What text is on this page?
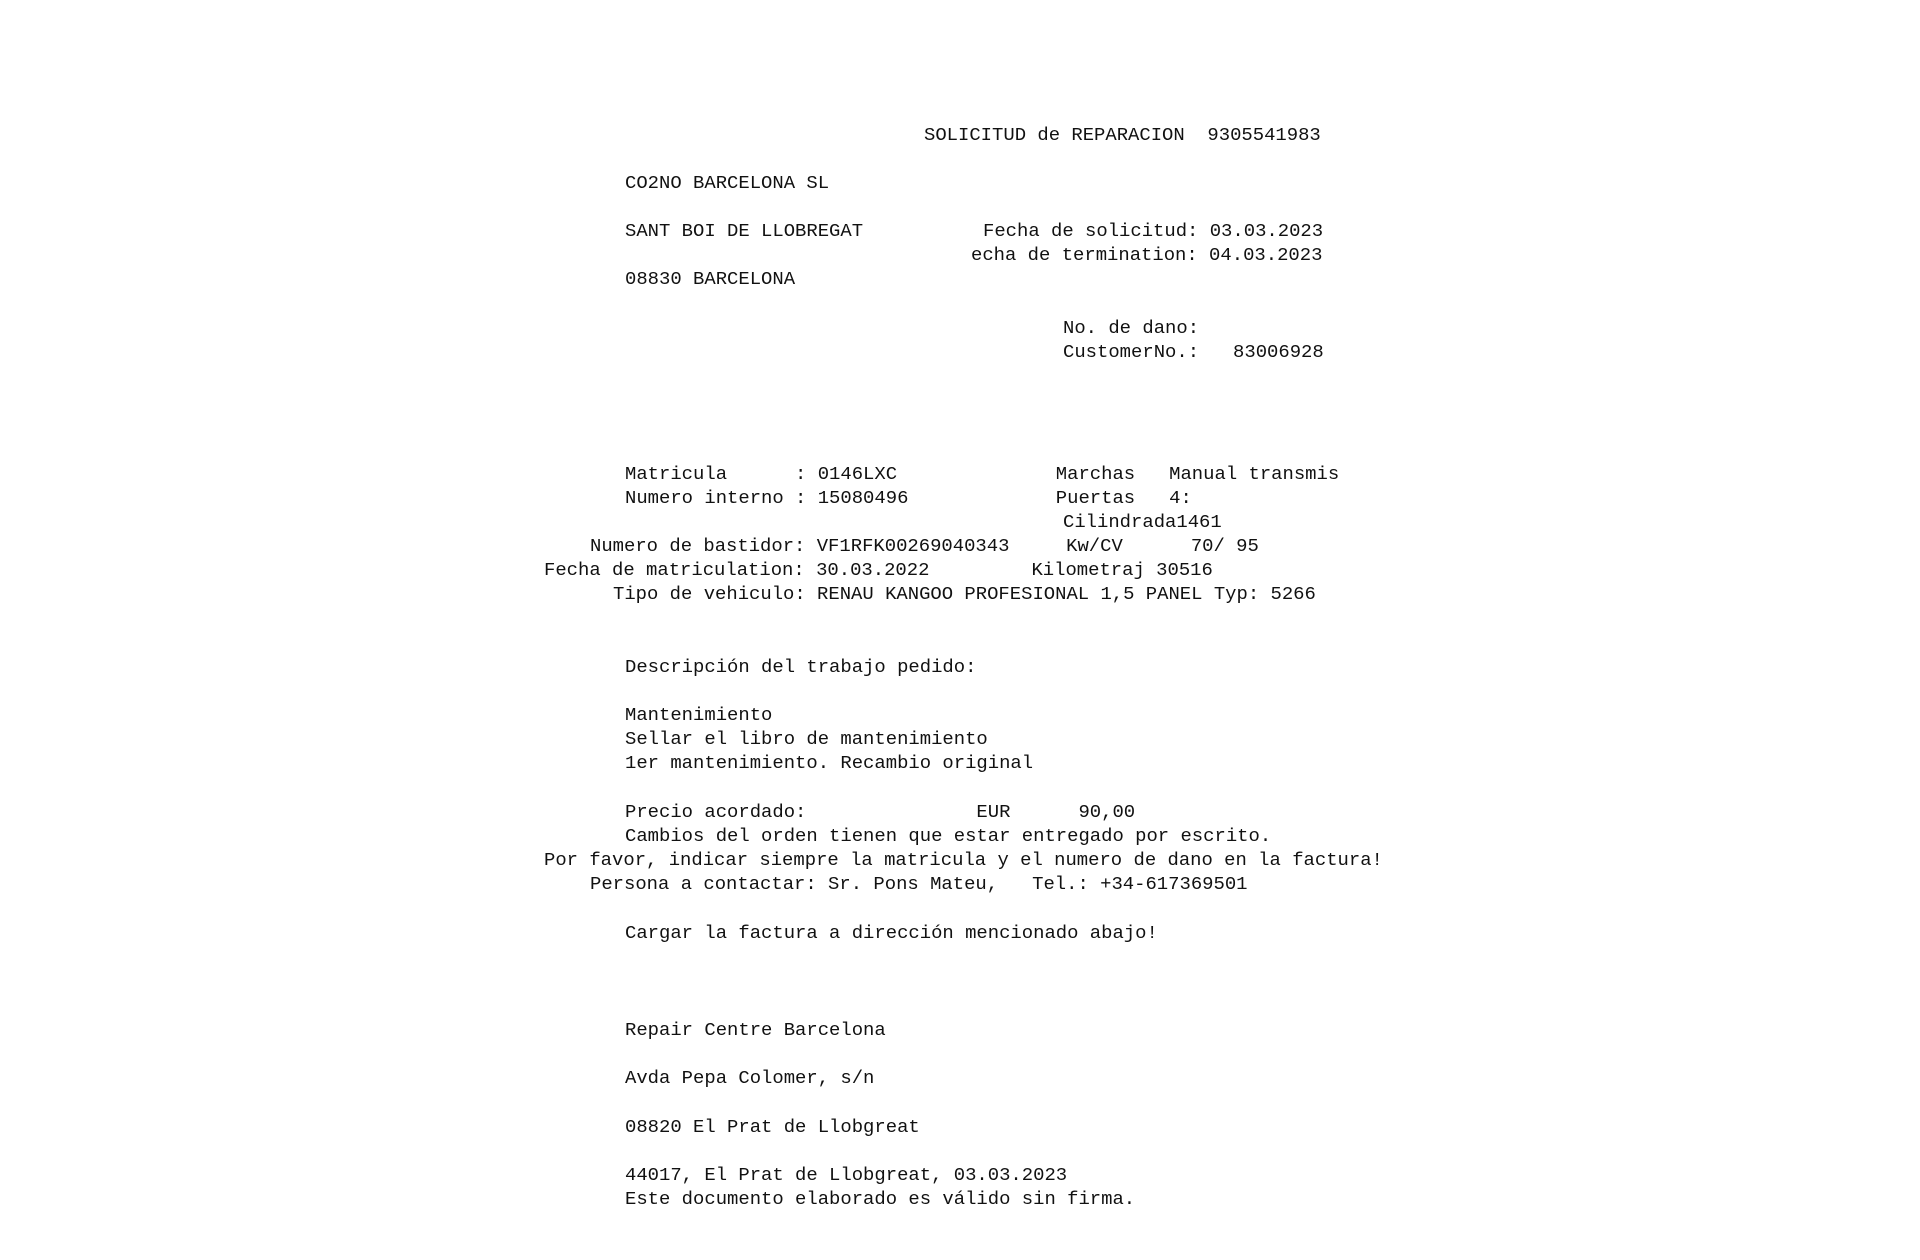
SOLICITUD de REPARACION  9305541983

CO2NO BARCELONA SL

SANT BOI DE LLOBREGAT

08830 BARCELONA

Fecha de solicitud: 03.03.2023

echa de termination: 04.03.2023

No. de dano:

CustomerNo.:   83006928

Matricula      : 0146LXC              Marchas   Manual transmis

Numero interno : 15080496             Puertas   4:

Cilindrada1461

Numero de bastidor: VF1RFK00269040343     Kw/CV      70/ 95

Fecha de matriculation: 30.03.2022         Kilometraj 30516

Tipo de vehiculo: RENAU KANGOO PROFESIONAL 1,5 PANEL Typ: 5266

Descripción del trabajo pedido:

Mantenimiento

Sellar el libro de mantenimiento

1er mantenimiento. Recambio original

Precio acordado:               EUR      90,00

Cambios del orden tienen que estar entregado por escrito.

Por favor, indicar siempre la matricula y el numero de dano en la factura!

Persona a contactar: Sr. Pons Mateu,   Tel.: +34-617369501

Cargar la factura a dirección mencionado abajo!

Repair Centre Barcelona

Avda Pepa Colomer, s/n

08820 El Prat de Llobgreat

44017, El Prat de Llobgreat, 03.03.2023

Este documento elaborado es válido sin firma.
